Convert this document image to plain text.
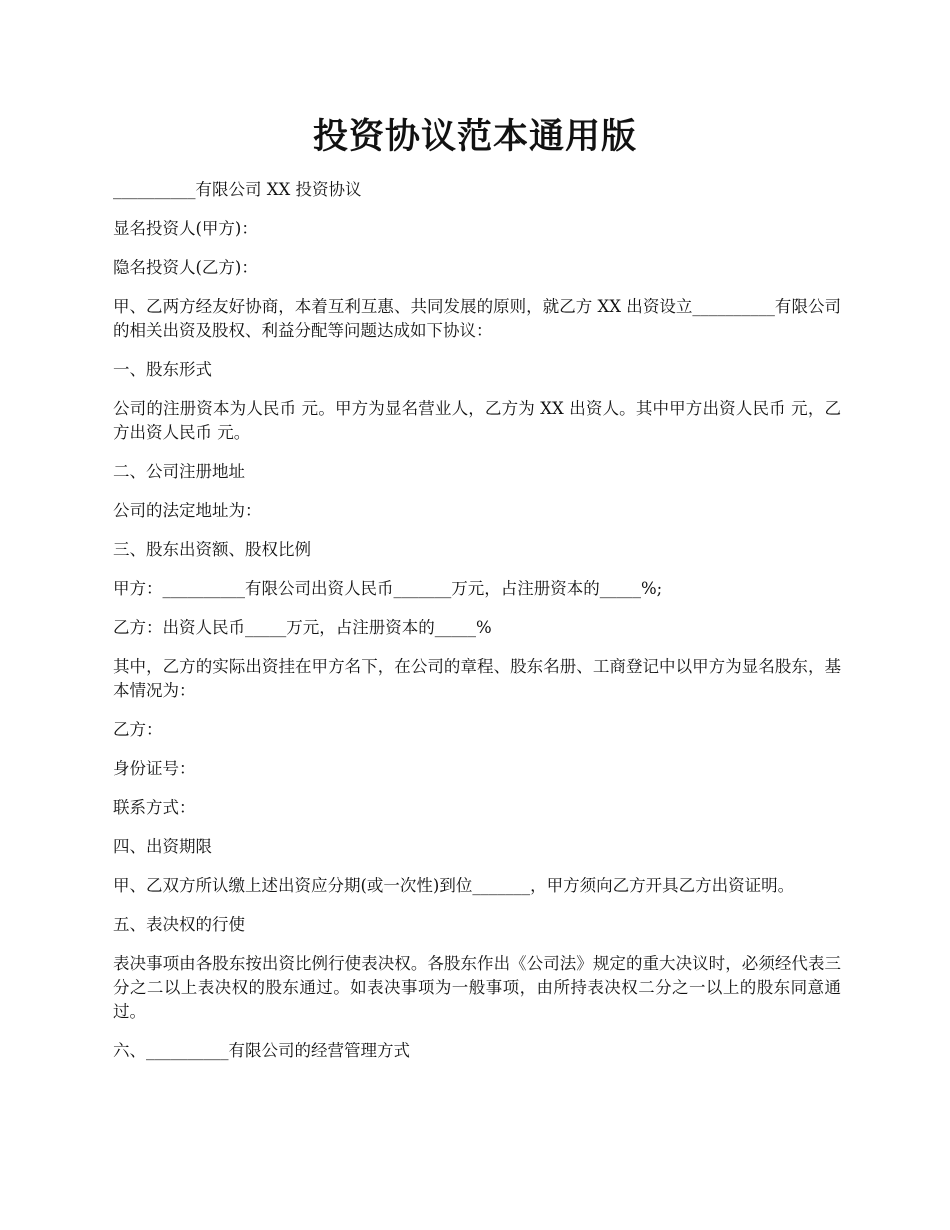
投资协议范本通用版

__________有限公司 XX 投资协议

显名投资人(甲方)：

隐名投资人(乙方)：

甲、乙两方经友好协商，本着互利互惠、共同发展的原则，就乙方 XX 出资设立__________有限公司的相关出资及股权、利益分配等问题达成如下协议：

一、股东形式

公司的注册资本为人民币 元。甲方为显名营业人，乙方为 XX 出资人。其中甲方出资人民币 元，乙方出资人民币 元。

二、公司注册地址

公司的法定地址为：

三、股东出资额、股权比例

甲方：__________有限公司出资人民币_______万元，占注册资本的_____%;

乙方：出资人民币_____万元，占注册资本的_____%

其中，乙方的实际出资挂在甲方名下，在公司的章程、股东名册、工商登记中以甲方为显名股东，基本情况为：

乙方：

身份证号：

联系方式：

四、出资期限

甲、乙双方所认缴上述出资应分期(或一次性)到位_______，甲方须向乙方开具乙方出资证明。

五、表决权的行使

表决事项由各股东按出资比例行使表决权。各股东作出《公司法》规定的重大决议时，必须经代表三分之二以上表决权的股东通过。如表决事项为一般事项，由所持表决权二分之一以上的股东同意通过。

六、__________有限公司的经营管理方式
